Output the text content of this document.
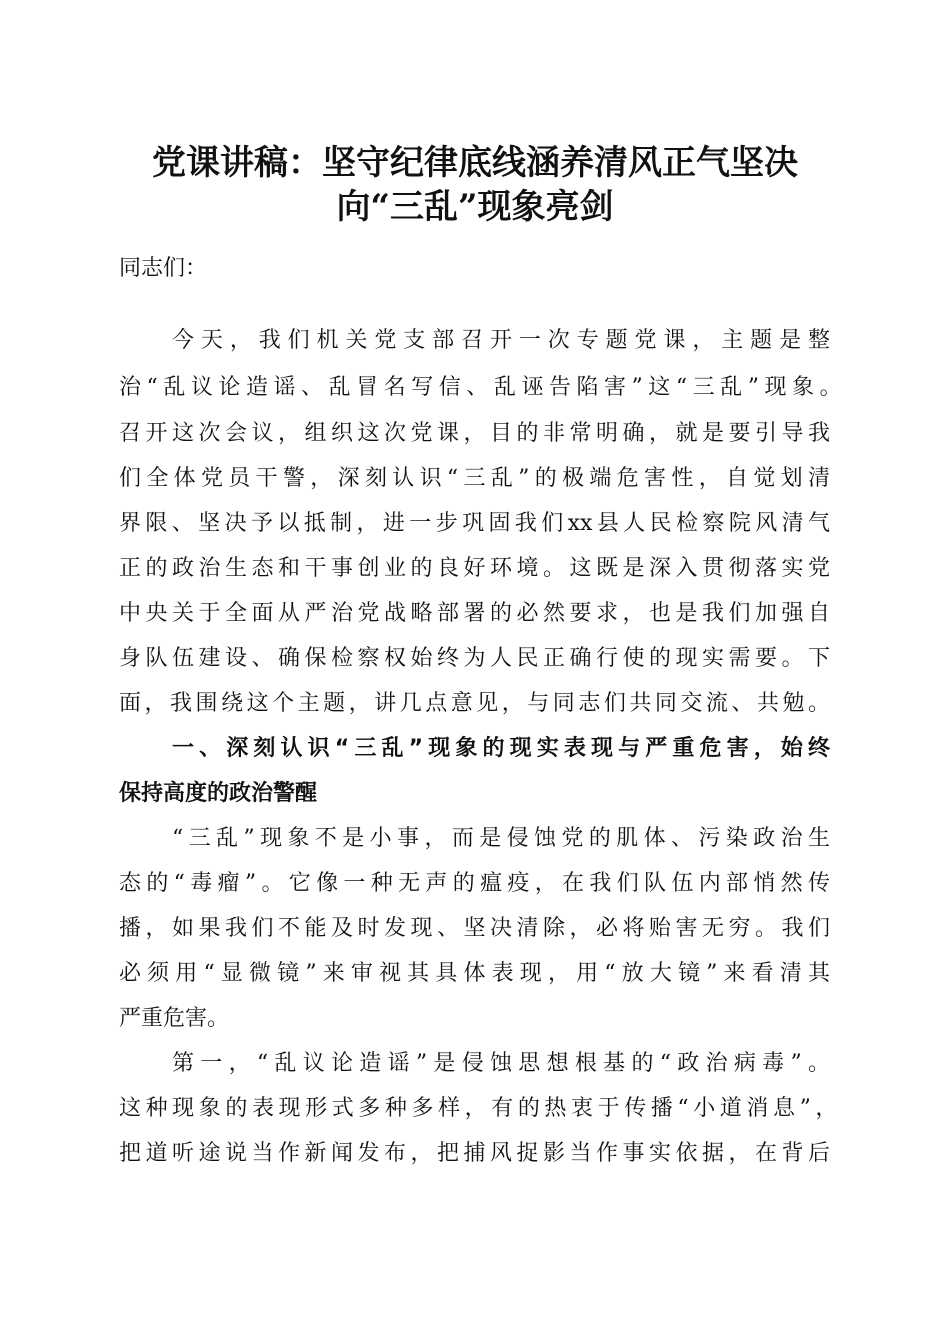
党课讲稿：坚守纪律底线涵养清风正气坚决
向“三乱”现象亮剑

同志们：

今天，我们机关党支部召开一次专题党课，主题是整

治“乱议论造谣、乱冒名写信、乱诬告陷害”这“三乱”现象。

召开这次会议，组织这次党课，目的非常明确，就是要引导我

们全体党员干警，深刻认识“三乱”的极端危害性，自觉划清

界限、坚决予以抵制，进一步巩固我们xx县人民检察院风清气

正的政治生态和干事创业的良好环境。这既是深入贯彻落实党

中央关于全面从严治党战略部署的必然要求，也是我们加强自

身队伍建设、确保检察权始终为人民正确行使的现实需要。下

面，我围绕这个主题，讲几点意见，与同志们共同交流、共勉。

一、深刻认识“三乱”现象的现实表现与严重危害，始终

保持高度的政治警醒

“三乱”现象不是小事，而是侵蚀党的肌体、污染政治生

态的“毒瘤”。它像一种无声的瘟疫，在我们队伍内部悄然传

播，如果我们不能及时发现、坚决清除，必将贻害无穷。我们

必须用“显微镜”来审视其具体表现，用“放大镜”来看清其

严重危害。

第一，“乱议论造谣”是侵蚀思想根基的“政治病毒”。

这种现象的表现形式多种多样，有的热衷于传播“小道消息”，

把道听途说当作新闻发布，把捕风捉影当作事实依据，在背后
